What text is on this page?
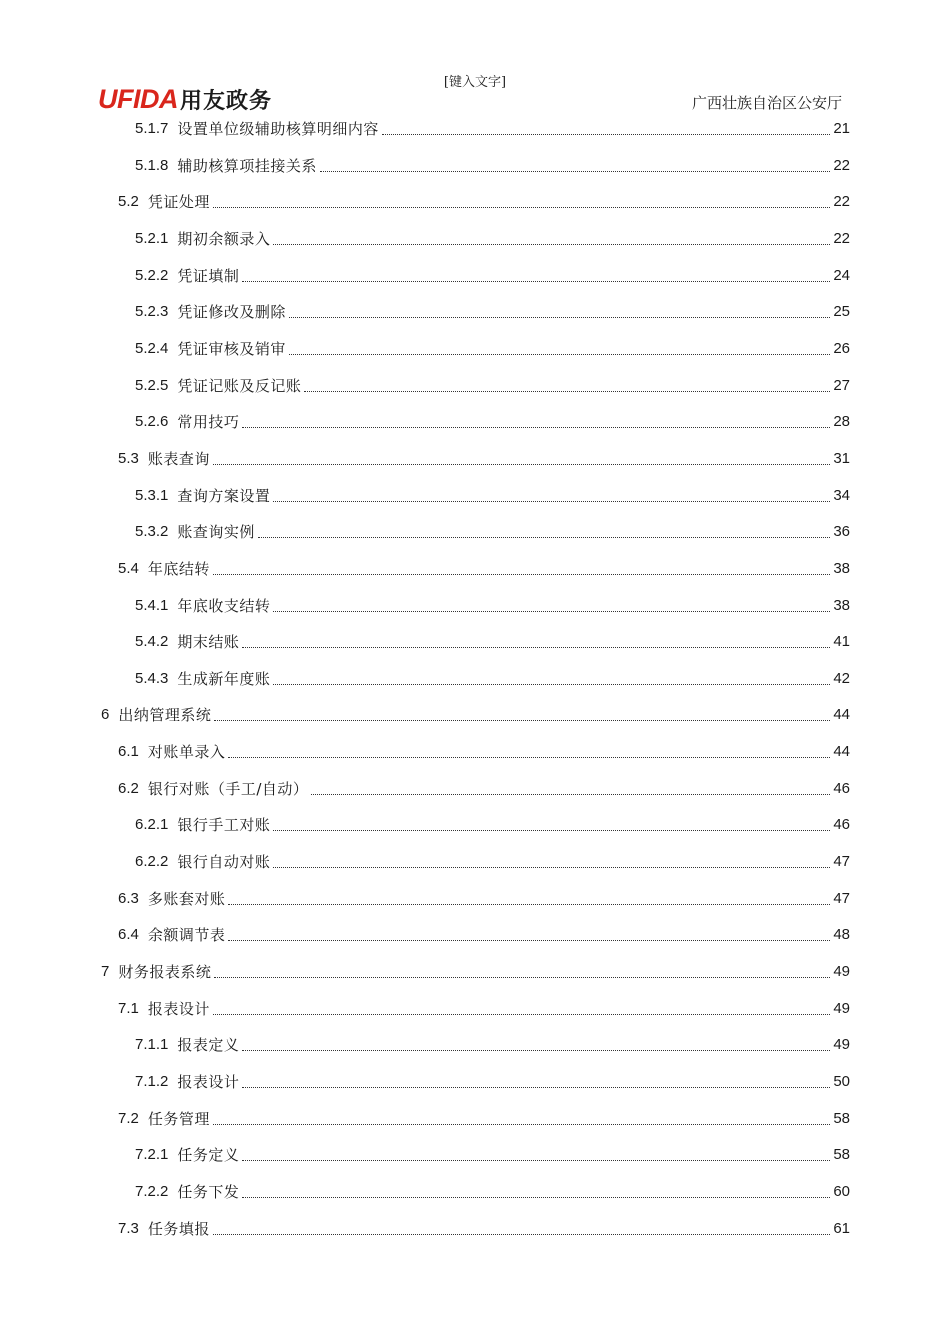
[键入文字]
UFIDA 用友政务	广西壮族自治区公安厅
5.1.7 设置单位级辅助核算明细内容	21
5.1.8 辅助核算项挂接关系	22
5.2 凭证处理	22
5.2.1 期初余额录入	22
5.2.2 凭证填制	24
5.2.3 凭证修改及删除	25
5.2.4 凭证审核及销审	26
5.2.5 凭证记账及反记账	27
5.2.6 常用技巧	28
5.3 账表查询	31
5.3.1 查询方案设置	34
5.3.2 账查询实例	36
5.4 年底结转	38
5.4.1 年底收支结转	38
5.4.2 期末结账	41
5.4.3 生成新年度账	42
6 出纳管理系统	44
6.1 对账单录入	44
6.2 银行对账（手工/自动）	46
6.2.1 银行手工对账	46
6.2.2 银行自动对账	47
6.3 多账套对账	47
6.4 余额调节表	48
7 财务报表系统	49
7.1 报表设计	49
7.1.1 报表定义	49
7.1.2 报表设计	50
7.2 任务管理	58
7.2.1 任务定义	58
7.2.2 任务下发	60
7.3 任务填报	61
